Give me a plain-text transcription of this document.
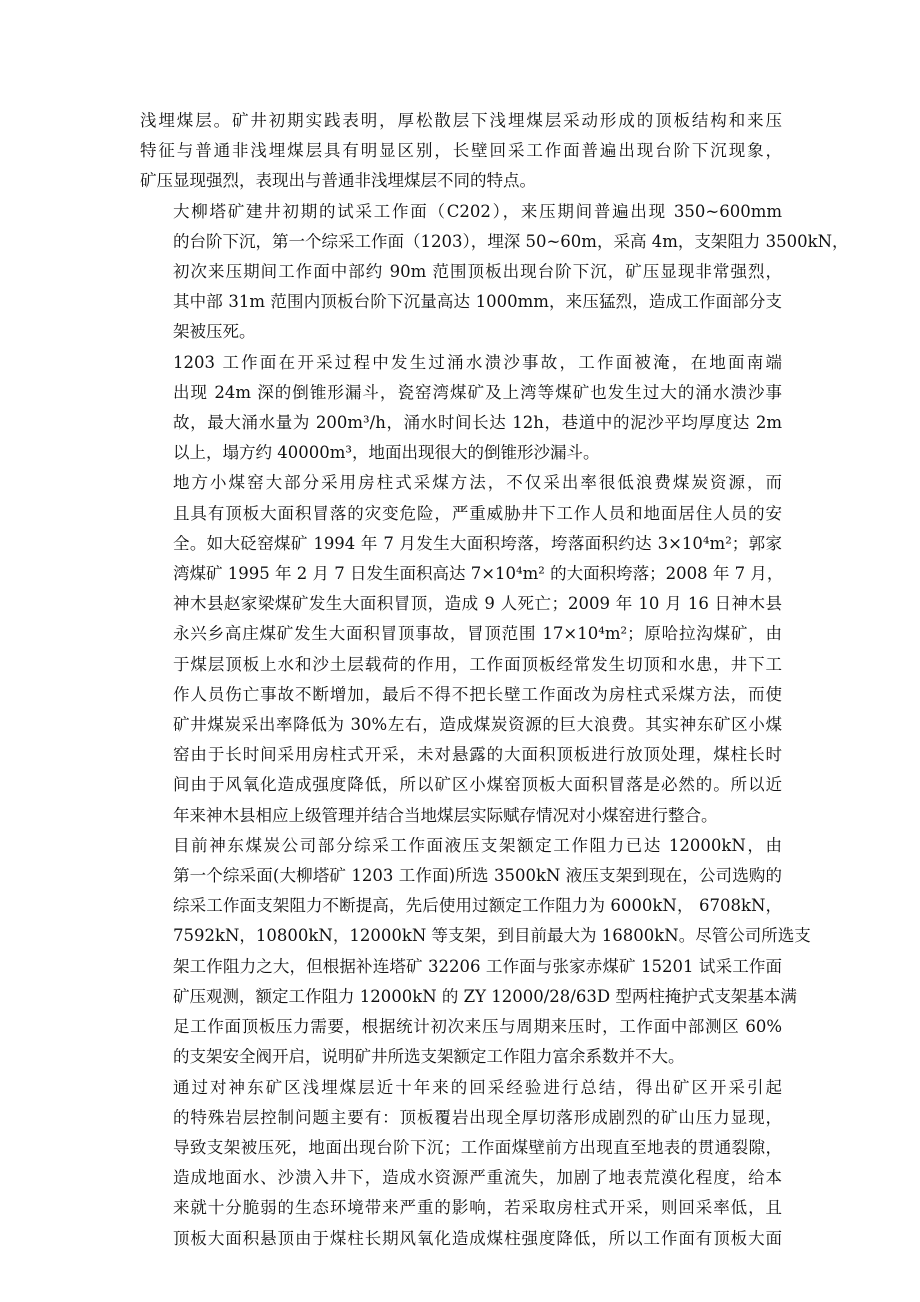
浅埋煤层。矿井初期实践表明，厚松散层下浅埋煤层采动形成的顶板结构和来压
特征与普通非浅埋煤层具有明显区别，长壁回采工作面普遍出现台阶下沉现象，
矿压显现强烈，表现出与普通非浅埋煤层不同的特点。
大柳塔矿建井初期的试采工作面（C202），来压期间普遍出现 350~600mm
的台阶下沉，第一个综采工作面（1203），埋深 50~60m，采高 4m，支架阻力 3500kN，
初次来压期间工作面中部约 90m 范围顶板出现台阶下沉，矿压显现非常强烈，
其中部 31m 范围内顶板台阶下沉量高达 1000mm，来压猛烈，造成工作面部分支
架被压死。
1203 工作面在开采过程中发生过涌水溃沙事故，工作面被淹，在地面南端
出现 24m 深的倒锥形漏斗，瓷窑湾煤矿及上湾等煤矿也发生过大的涌水溃沙事
故，最大涌水量为 200m³/h，涌水时间长达 12h，巷道中的泥沙平均厚度达 2m
以上，塌方约 40000m³，地面出现很大的倒锥形沙漏斗。
地方小煤窑大部分采用房柱式采煤方法，不仅采出率很低浪费煤炭资源，而
且具有顶板大面积冒落的灾变危险，严重威胁井下工作人员和地面居住人员的安
全。如大砭窑煤矿 1994 年 7 月发生大面积垮落，垮落面积约达 3×10⁴m²；郭家
湾煤矿 1995 年 2 月 7 日发生面积高达 7×10⁴m² 的大面积垮落；2008 年 7 月，
神木县赵家梁煤矿发生大面积冒顶，造成 9 人死亡；2009 年 10 月 16 日神木县
永兴乡高庄煤矿发生大面积冒顶事故，冒顶范围 17×10⁴m²；原哈拉沟煤矿，由
于煤层顶板上水和沙土层载荷的作用，工作面顶板经常发生切顶和水患，井下工
作人员伤亡事故不断增加，最后不得不把长壁工作面改为房柱式采煤方法，而使
矿井煤炭采出率降低为 30%左右，造成煤炭资源的巨大浪费。其实神东矿区小煤
窑由于长时间采用房柱式开采，未对悬露的大面积顶板进行放顶处理，煤柱长时
间由于风氧化造成强度降低，所以矿区小煤窑顶板大面积冒落是必然的。所以近
年来神木县相应上级管理并结合当地煤层实际赋存情况对小煤窑进行整合。
目前神东煤炭公司部分综采工作面液压支架额定工作阻力已达 12000kN，由
第一个综采面(大柳塔矿 1203 工作面)所选 3500kN 液压支架到现在，公司选购的
综采工作面支架阻力不断提高，先后使用过额定工作阻力为 6000kN， 6708kN，
7592kN，10800kN，12000kN 等支架，到目前最大为 16800kN。尽管公司所选支
架工作阻力之大，但根据补连塔矿 32206 工作面与张家赤煤矿 15201 试采工作面
矿压观测，额定工作阻力 12000kN 的 ZY 12000/28/63D 型两柱掩护式支架基本满
足工作面顶板压力需要，根据统计初次来压与周期来压时，工作面中部测区 60%
的支架安全阀开启，说明矿井所选支架额定工作阻力富余系数并不大。
通过对神东矿区浅埋煤层近十年来的回采经验进行总结，得出矿区开采引起
的特殊岩层控制问题主要有：顶板覆岩出现全厚切落形成剧烈的矿山压力显现，
导致支架被压死，地面出现台阶下沉；工作面煤壁前方出现直至地表的贯通裂隙，
造成地面水、沙溃入井下，造成水资源严重流失，加剧了地表荒漠化程度，给本
来就十分脆弱的生态环境带来严重的影响，若采取房柱式开采，则回采率低，且
顶板大面积悬顶由于煤柱长期风氧化造成煤柱强度降低，所以工作面有顶板大面
